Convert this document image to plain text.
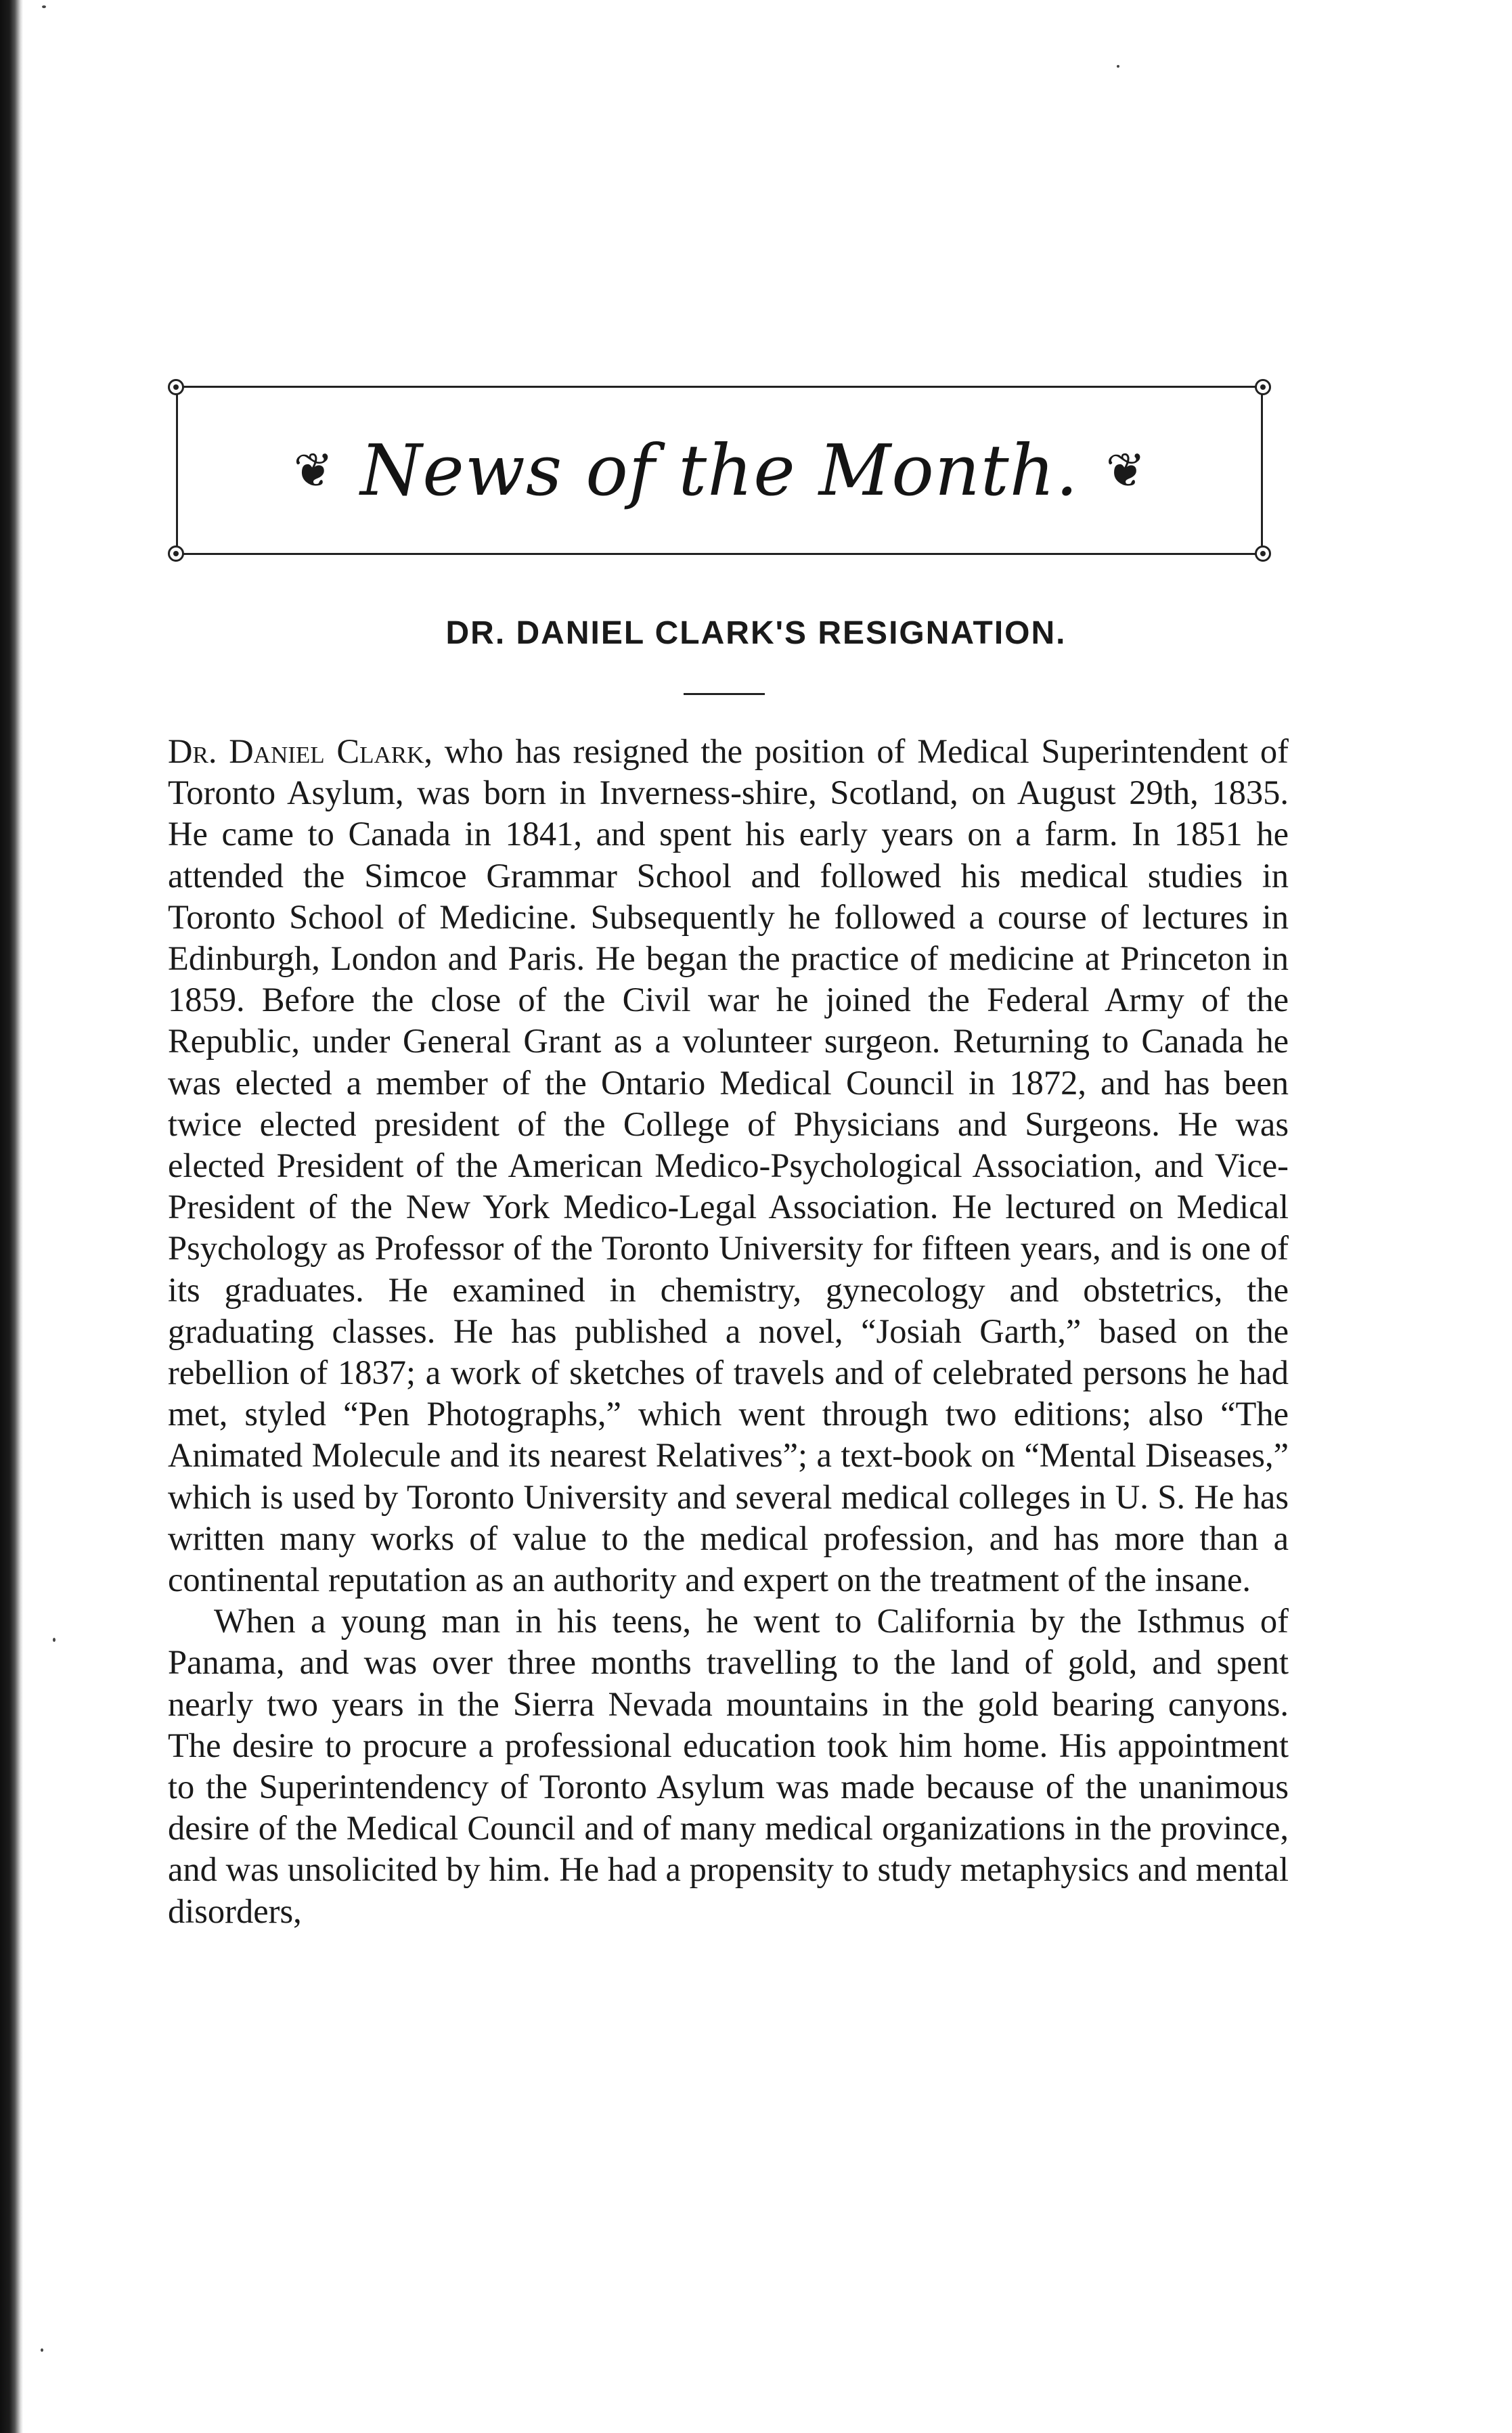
❦ News of the Month. ❦
DR. DANIEL CLARK'S RESIGNATION.

Dr. Daniel Clark, who has resigned the position of Medical Superintendent of Toronto Asylum, was born in Inverness-shire, Scotland, on August 29th, 1835. He came to Canada in 1841, and spent his early years on a farm. In 1851 he attended the Simcoe Grammar School and followed his medical studies in Toronto School of Medicine. Subsequently he followed a course of lectures in Edinburgh, London and Paris. He began the practice of medicine at Princeton in 1859. Before the close of the Civil war he joined the Federal Army of the Republic, under General Grant as a volunteer surgeon. Returning to Canada he was elected a member of the Ontario Medical Council in 1872, and has been twice elected president of the College of Physicians and Surgeons. He was elected President of the American Medico-Psychological Association, and Vice-President of the New York Medico-Legal Association. He lectured on Medical Psychology as Professor of the Toronto University for fifteen years, and is one of its graduates. He examined in chemistry, gynecology and obstetrics, the graduating classes. He has published a novel, “Josiah Garth,” based on the rebellion of 1837; a work of sketches of travels and of celebrated persons he had met, styled “Pen Photographs,” which went through two editions; also “The Animated Molecule and its nearest Relatives”; a text-book on “Mental Diseases,” which is used by Toronto University and several medical colleges in U. S. He has written many works of value to the medical profession, and has more than a continental reputation as an authority and expert on the treatment of the insane.

When a young man in his teens, he went to California by the Isthmus of Panama, and was over three months travelling to the land of gold, and spent nearly two years in the Sierra Nevada mountains in the gold bearing canyons. The desire to procure a professional education took him home. His appointment to the Superintendency of Toronto Asylum was made because of the unanimous desire of the Medical Council and of many medical organizations in the province, and was unsolicited by him. He had a propensity to study metaphysics and mental disorders,
